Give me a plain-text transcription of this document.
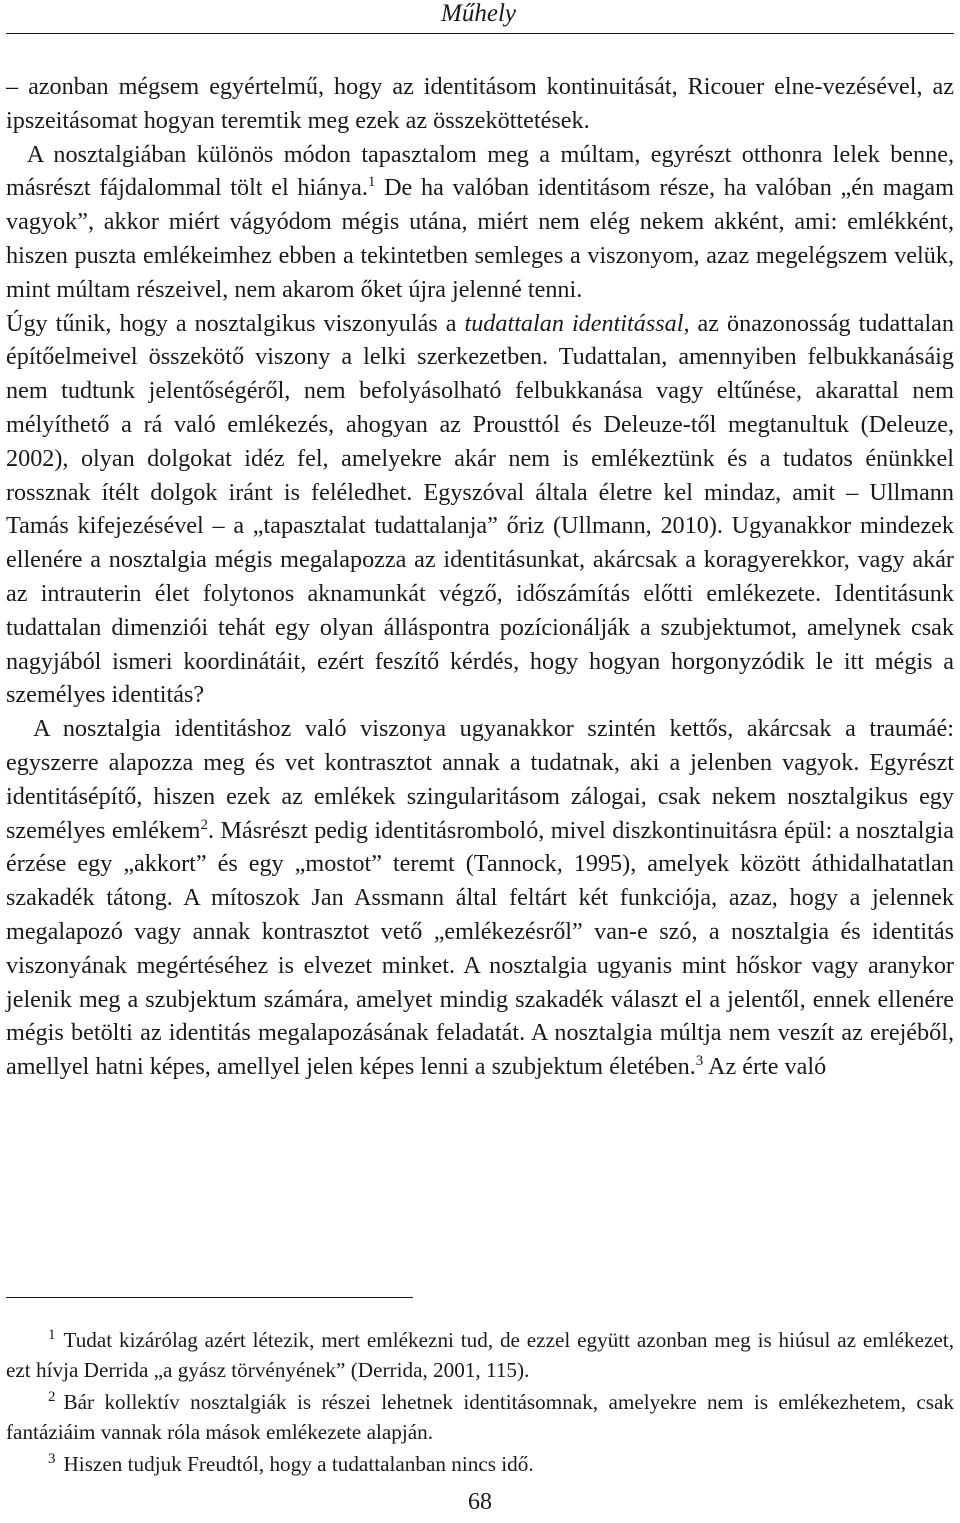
Műhely

– azonban mégsem egyértelmű, hogy az identitásom kontinuitását, Ricouer elne-vezésével, az ipszeitásomat hogyan teremtik meg ezek az összeköttetések.

A nosztalgiában különös módon tapasztalom meg a múltam, egyrészt otthonra lelek benne, másrészt fájdalommal tölt el hiánya.$^1$ De ha valóban identitásom része, ha valóban „én magam vagyok”, akkor miért vágyódom mégis utána, miért nem elég nekem akként, ami: emlékként, hiszen puszta emlékeimhez ebben a tekintetben semleges a viszonyom, azaz megelégszem velük, mint múltam részeivel, nem akarom őket újra jelenné tenni.

Úgy tűnik, hogy a nosztalgikus viszonyulás a tudattalan identitással, az önazonosság tudattalan építőelmeivel összekötő viszony a lelki szerkezetben. Tudattalan, amennyiben felbukkanásáig nem tudtunk jelentőségéről, nem befolyásolható felbukkanása vagy eltűnése, akarattal nem mélyíthető a rá való emlékezés, ahogyan az Prousttól és Deleuze-től megtanultuk (Deleuze, 2002), olyan dolgokat idéz fel, amelyekre akár nem is emlékeztünk és a tudatos énünkkel rossznak ítélt dolgok iránt is feléledhet. Egyszóval általa életre kel mindaz, amit – Ullmann Tamás kifejezésével – a „tapasztalat tudattalanja” őriz (Ullmann, 2010). Ugyanakkor mindezek ellenére a nosztalgia mégis megalapozza az identitásunkat, akárcsak a koragyerekkor, vagy akár az intrauterin élet folytonos aknamunkát végző, időszámítás előtti emlékezete. Identitásunk tudattalan dimenziói tehát egy olyan álláspontra pozícionálják a szubjektumot, amelynek csak nagyjából ismeri koordinátáit, ezért feszítő kérdés, hogy hogyan horgonyzódik le itt mégis a személyes identitás?

A nosztalgia identitáshoz való viszonya ugyanakkor szintén kettős, akárcsak a traumáé: egyszerre alapozza meg és vet kontrasztot annak a tudatnak, aki a jelenben vagyok. Egyrészt identitásépítő, hiszen ezek az emlékek szingularitásom zálogai, csak nekem nosztalgikus egy személyes emlékem$^2$. Másrészt pedig identitásromboló, mivel diszkontinuitásra épül: a nosztalgia érzése egy „akkort” és egy „mostot” teremt (Tannock, 1995), amelyek között áthidalhatatlan szakadék tátong. A mítoszok Jan Assmann által feltárt két funkciója, azaz, hogy a jelennek megalapozó vagy annak kontrasztot vető „emlékezésről” van-e szó, a nosztalgia és identitás viszonyának megértéséhez is elvezet minket. A nosztalgia ugyanis mint hőskor vagy aranykor jelenik meg a szubjektum számára, amelyet mindig szakadék választ el a jelentől, ennek ellenére mégis betölti az identitás megalapozásának feladatát. A nosztalgia múltja nem veszít az erejéből, amellyel hatni képes, amellyel jelen képes lenni a szubjektum életében.$^3$ Az érte való

$^1$ Tudat kizárólag azért létezik, mert emlékezni tud, de ezzel együtt azonban meg is hiúsul az emlékezet, ezt hívja Derrida „a gyász törvényének” (Derrida, 2001, 115).

$^2$ Bár kollektív nosztalgiák is részei lehetnek identitásomnak, amelyekre nem is emlékezhetem, csak fantáziáim vannak róla mások emlékezete alapján.

$^3$ Hiszen tudjuk Freudtól, hogy a tudattalanban nincs idő.

68
